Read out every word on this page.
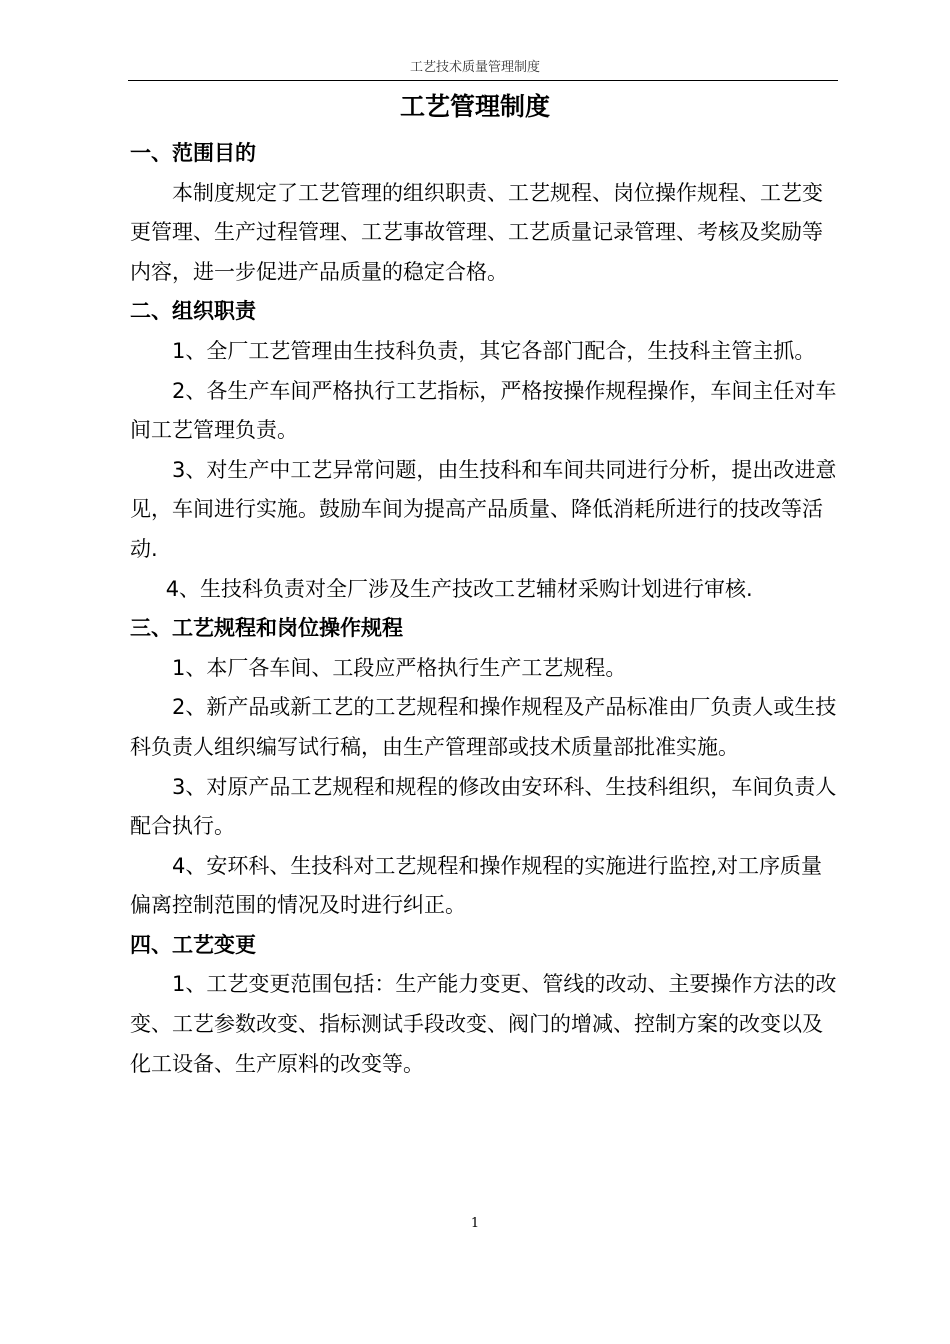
工艺技术质量管理制度
工艺管理制度

一、范围目的

本制度规定了工艺管理的组织职责、工艺规程、岗位操作规程、工艺变更管理、生产过程管理、工艺事故管理、工艺质量记录管理、考核及奖励等内容，进一步促进产品质量的稳定合格。

二、组织职责

1、全厂工艺管理由生技科负责，其它各部门配合，生技科主管主抓。

2、各生产车间严格执行工艺指标，严格按操作规程操作，车间主任对车间工艺管理负责。

3、对生产中工艺异常问题，由生技科和车间共同进行分析，提出改进意见，车间进行实施。鼓励车间为提高产品质量、降低消耗所进行的技改等活动.

4、生技科负责对全厂涉及生产技改工艺辅材采购计划进行审核.

三、工艺规程和岗位操作规程

1、本厂各车间、工段应严格执行生产工艺规程。

2、新产品或新工艺的工艺规程和操作规程及产品标准由厂负责人或生技科负责人组织编写试行稿，由生产管理部或技术质量部批准实施。

3、对原产品工艺规程和规程的修改由安环科、生技科组织，车间负责人配合执行。

4、安环科、生技科对工艺规程和操作规程的实施进行监控,对工序质量偏离控制范围的情况及时进行纠正。

四、工艺变更

1、工艺变更范围包括：生产能力变更、管线的改动、主要操作方法的改变、工艺参数改变、指标测试手段改变、阀门的增减、控制方案的改变以及化工设备、生产原料的改变等。

1
